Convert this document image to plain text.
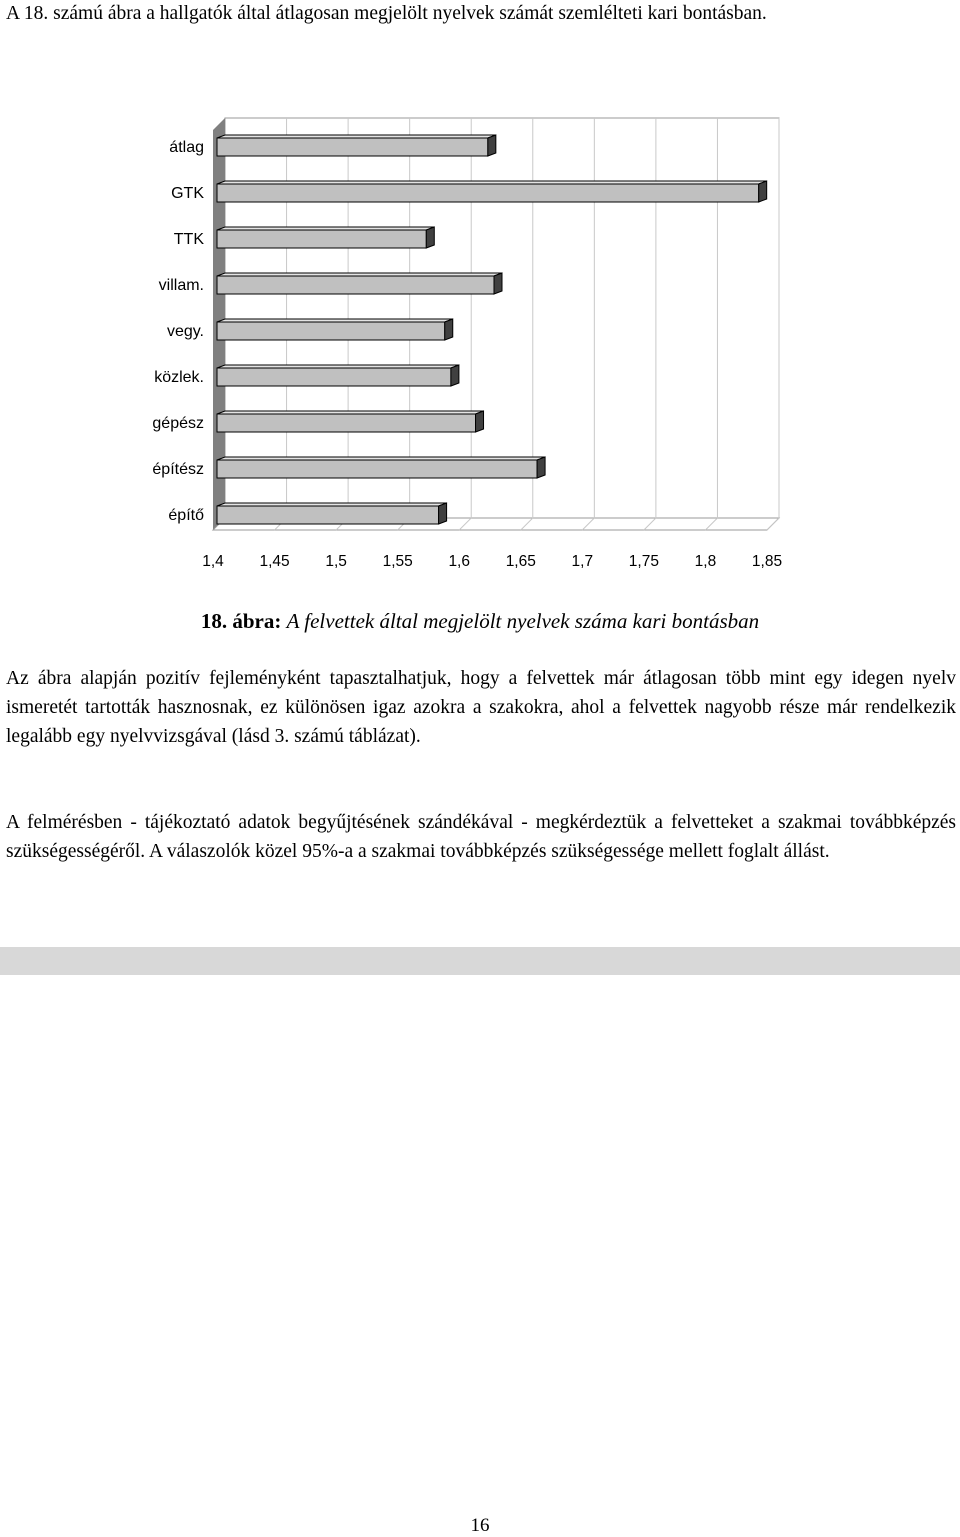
A 18. számú ábra a hallgatók által átlagosan megjelölt nyelvek számát szemlélteti kari bontásban.
átlag
GTK
TTK
villam.
vegy.
közlek.
gépész
építész
építő
1,4 1,45 1,5 1,55 1,6 1,65 1,7 1,75 1,8 1,85
18. ábra: A felvettek által megjelölt nyelvek száma kari bontásban
Az ábra alapján pozitív fejleményként tapasztalhatjuk, hogy a felvettek már átlagosan több mint egy idegen nyelv ismeretét tartották hasznosnak, ez különösen igaz azokra a szakokra, ahol a felvettek nagyobb része már rendelkezik legalább egy nyelvvizsgával (lásd 3. számú táblázat).
A felmérésben - tájékoztató adatok begyűjtésének szándékával - megkérdeztük a felvetteket a szakmai továbbképzés szükségességéről. A válaszolók közel 95%-a a szakmai továbbképzés szükségessége mellett foglalt állást.
16
